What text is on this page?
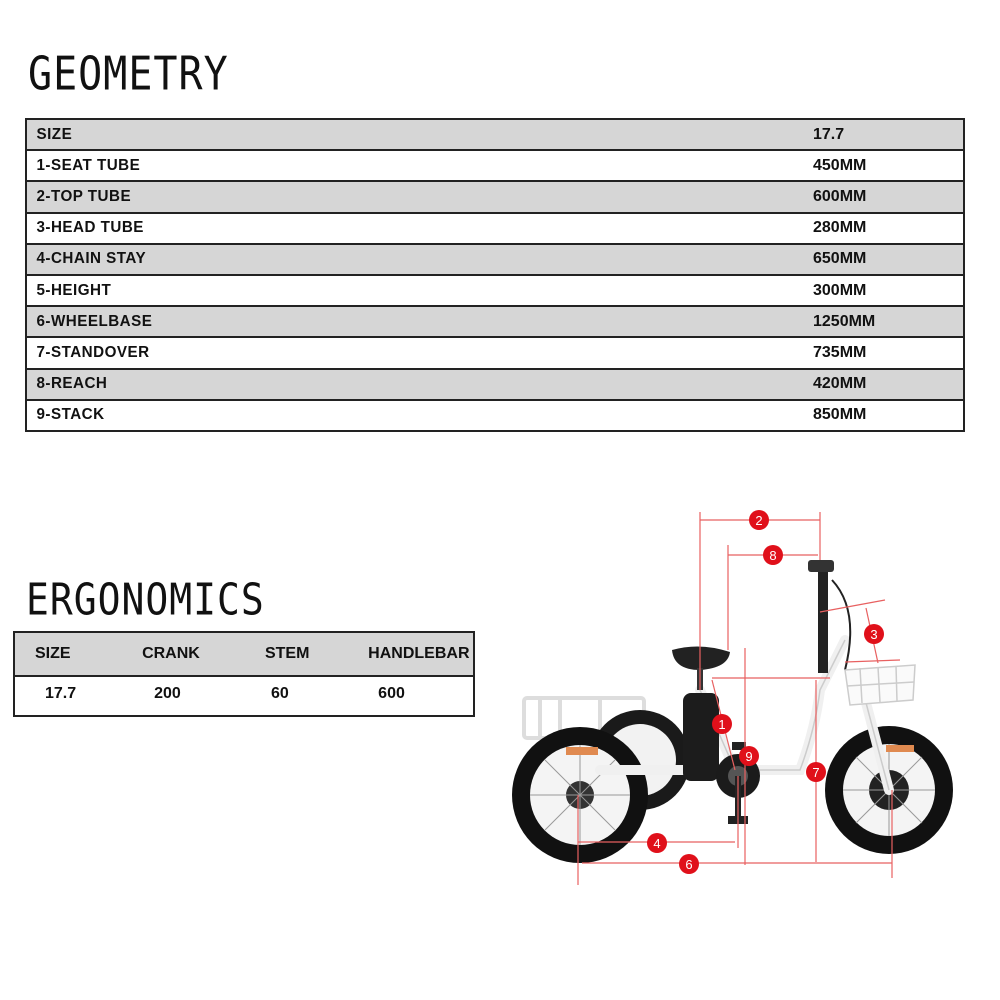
GEOMETRY
SIZE	17.7
1-SEAT TUBE	450MM
2-TOP TUBE	600MM
3-HEAD TUBE	280MM
4-CHAIN STAY	650MM
5-HEIGHT	300MM
6-WHEELBASE	1250MM
7-STANDOVER	735MM
8-REACH	420MM
9-STACK	850MM
ERGONOMICS
SIZE	CRANK	STEM	HANDLEBAR
17.7	200	60	600
2
8
3
1
9
7
4
6
